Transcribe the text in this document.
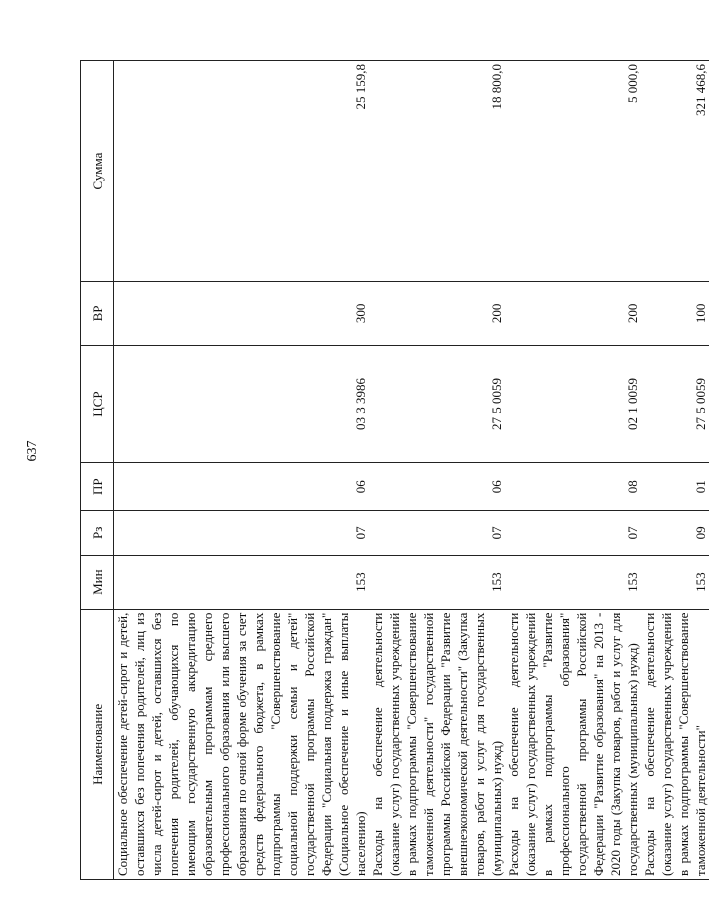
637
Наименование	Мин	Рз	ПР	ЦСР	ВР	Сумма

Социальное обеспечение детей-сирот и детей, оставшихся без попечения родителей, лиц из числа детей-сирот и детей, оставшихся без попечения родителей, обучающихся по имеющим государственную аккредитацию образовательным программам среднего профессионального образования или высшего образования по очной форме обучения за счет средств федерального бюджета, в рамках подпрограммы "Совершенствование социальной поддержки семьи и детей" государственной программы Российской Федерации "Социальная поддержка граждан" (Социальное обеспечение и иные выплаты населению)	153	07	06	03 3 3986	300	25 159,8

Расходы на обеспечение деятельности (оказание услуг) государственных учреждений в рамках подпрограммы "Совершенствование таможенной деятельности" государственной программы Российской Федерации "Развитие внешнеэкономической деятельности" (Закупка товаров, работ и услуг для государственных (муниципальных) нужд)	153	07	06	27 5 0059	200	18 800,0

Расходы на обеспечение деятельности (оказание услуг) государственных учреждений в рамках подпрограммы "Развитие профессионального образования" государственной программы Российской Федерации "Развитие образования" на 2013 - 2020 годы (Закупка товаров, работ и услуг для государственных (муниципальных) нужд)	153	07	08	02 1 0059	200	5 000,0

Расходы на обеспечение деятельности (оказание услуг) государственных учреждений в рамках подпрограммы "Совершенствование таможенной деятельности"	153	09	01	27 5 0059	100	321 468,6
